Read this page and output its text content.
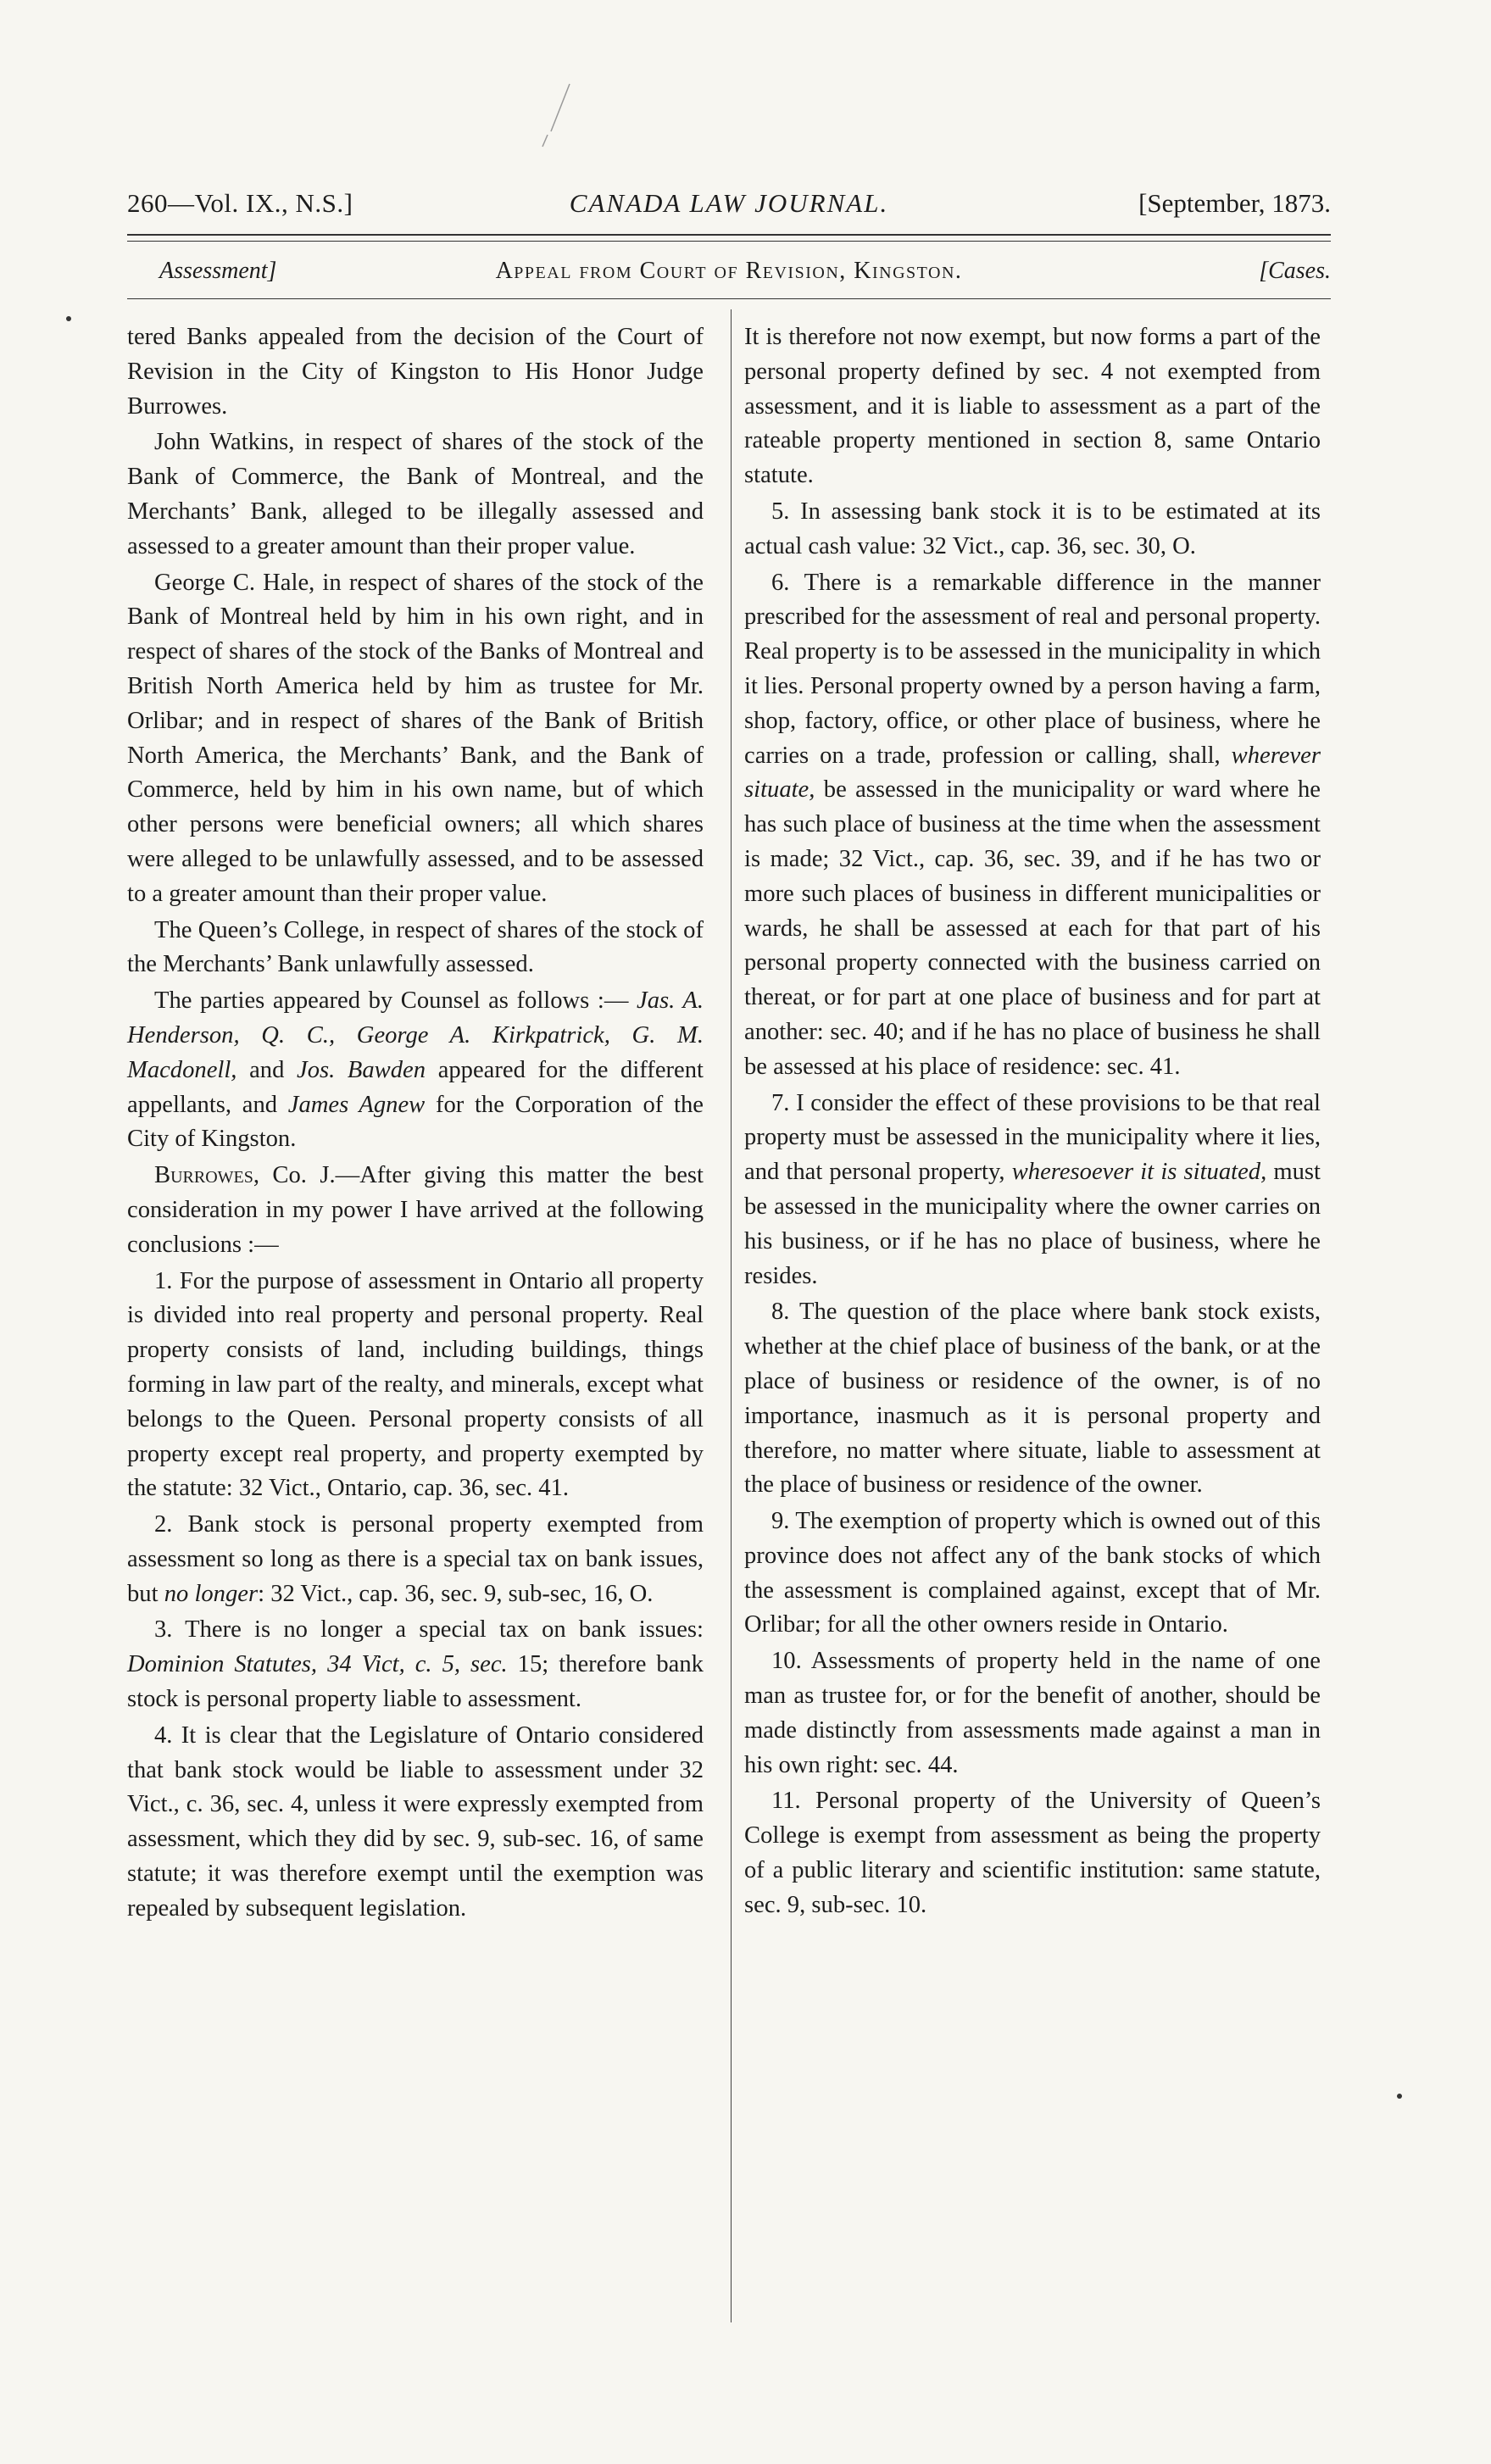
260—Vol. IX., N.S.]	CANADA LAW JOURNAL.	[September, 1873.
Assessment]	Appeal from Court of Revision, Kingston.	[Cases.

tered Banks appealed from the decision of the Court of Revision in the City of Kingston to His Honor Judge Burrowes.

John Watkins, in respect of shares of the stock of the Bank of Commerce, the Bank of Montreal, and the Merchants’ Bank, alleged to be illegally assessed and assessed to a greater amount than their proper value.

George C. Hale, in respect of shares of the stock of the Bank of Montreal held by him in his own right, and in respect of shares of the stock of the Banks of Montreal and British North America held by him as trustee for Mr. Orlibar; and in respect of shares of the Bank of British North America, the Merchants’ Bank, and the Bank of Commerce, held by him in his own name, but of which other persons were beneficial owners; all which shares were alleged to be unlawfully assessed, and to be assessed to a greater amount than their proper value.

The Queen’s College, in respect of shares of the stock of the Merchants’ Bank unlawfully assessed.

The parties appeared by Counsel as follows :— Jas. A. Henderson, Q. C., George A. Kirkpatrick, G. M. Macdonell, and Jos. Bawden appeared for the different appellants, and James Agnew for the Corporation of the City of Kingston.

Burrowes, Co. J.—After giving this matter the best consideration in my power I have arrived at the following conclusions :—

1. For the purpose of assessment in Ontario all property is divided into real property and personal property. Real property consists of land, including buildings, things forming in law part of the realty, and minerals, except what belongs to the Queen. Personal property consists of all property except real property, and property exempted by the statute: 32 Vict., Ontario, cap. 36, sec. 41.

2. Bank stock is personal property exempted from assessment so long as there is a special tax on bank issues, but no longer: 32 Vict., cap. 36, sec. 9, sub-sec, 16, O.

3. There is no longer a special tax on bank issues: Dominion Statutes, 34 Vict, c. 5, sec. 15; therefore bank stock is personal property liable to assessment.

4. It is clear that the Legislature of Ontario considered that bank stock would be liable to assessment under 32 Vict., c. 36, sec. 4, unless it were expressly exempted from assessment, which they did by sec. 9, sub-sec. 16, of same statute; it was therefore exempt until the exemption was repealed by subsequent legislation.

It is therefore not now exempt, but now forms a part of the personal property defined by sec. 4 not exempted from assessment, and it is liable to assessment as a part of the rateable property mentioned in section 8, same Ontario statute.

5. In assessing bank stock it is to be estimated at its actual cash value: 32 Vict., cap. 36, sec. 30, O.

6. There is a remarkable difference in the manner prescribed for the assessment of real and personal property. Real property is to be assessed in the municipality in which it lies. Personal property owned by a person having a farm, shop, factory, office, or other place of business, where he carries on a trade, profession or calling, shall, wherever situate, be assessed in the municipality or ward where he has such place of business at the time when the assessment is made; 32 Vict., cap. 36, sec. 39, and if he has two or more such places of business in different municipalities or wards, he shall be assessed at each for that part of his personal property connected with the business carried on thereat, or for part at one place of business and for part at another: sec. 40; and if he has no place of business he shall be assessed at his place of residence: sec. 41.

7. I consider the effect of these provisions to be that real property must be assessed in the municipality where it lies, and that personal property, wheresoever it is situated, must be assessed in the municipality where the owner carries on his business, or if he has no place of business, where he resides.

8. The question of the place where bank stock exists, whether at the chief place of business of the bank, or at the place of business or residence of the owner, is of no importance, inasmuch as it is personal property and therefore, no matter where situate, liable to assessment at the place of business or residence of the owner.

9. The exemption of property which is owned out of this province does not affect any of the bank stocks of which the assessment is complained against, except that of Mr. Orlibar; for all the other owners reside in Ontario.

10. Assessments of property held in the name of one man as trustee for, or for the benefit of another, should be made distinctly from assessments made against a man in his own right: sec. 44.

11. Personal property of the University of Queen’s College is exempt from assessment as being the property of a public literary and scientific institution: same statute, sec. 9, sub-sec. 10.
